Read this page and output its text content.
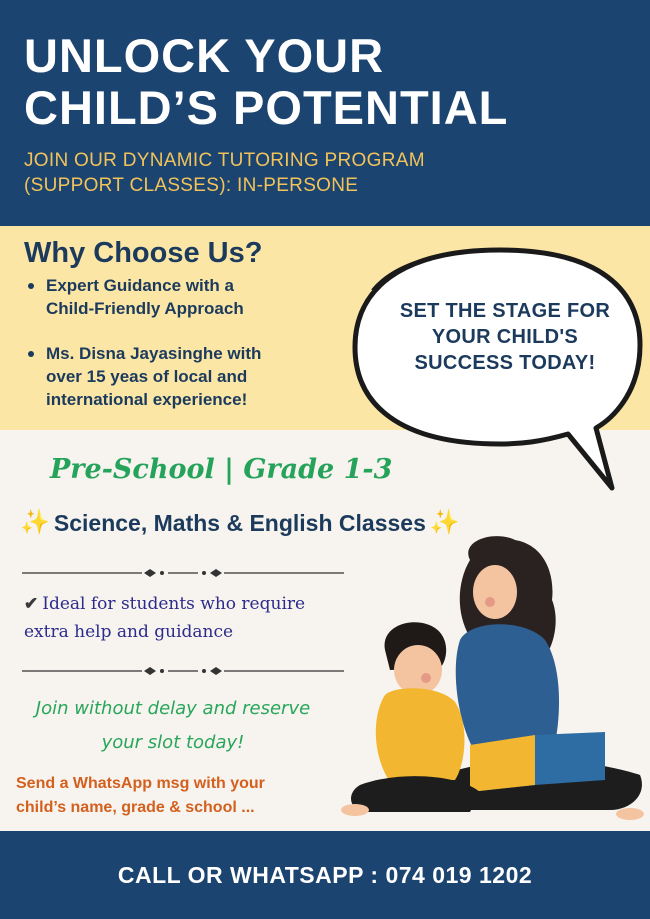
UNLOCK YOUR
CHILD’S POTENTIAL
JOIN OUR DYNAMIC TUTORING PROGRAM
(SUPPORT CLASSES): IN-PERSONE
Why Choose Us?
Expert Guidance with a
Child-Friendly Approach
Ms. Disna Jayasinghe with
over 15 yeas of local and
international experience!
SET THE STAGE FOR
YOUR CHILD'S
SUCCESS TODAY!
Pre-School | Grade 1-3
✨ Science, Maths & English Classes ✨
✔ Ideal for students who require
extra help and guidance
Join without delay and reserve
your slot today!
Send a WhatsApp msg with your
child’s name, grade & school ...
CALL OR WHATSAPP : 074 019 1202
